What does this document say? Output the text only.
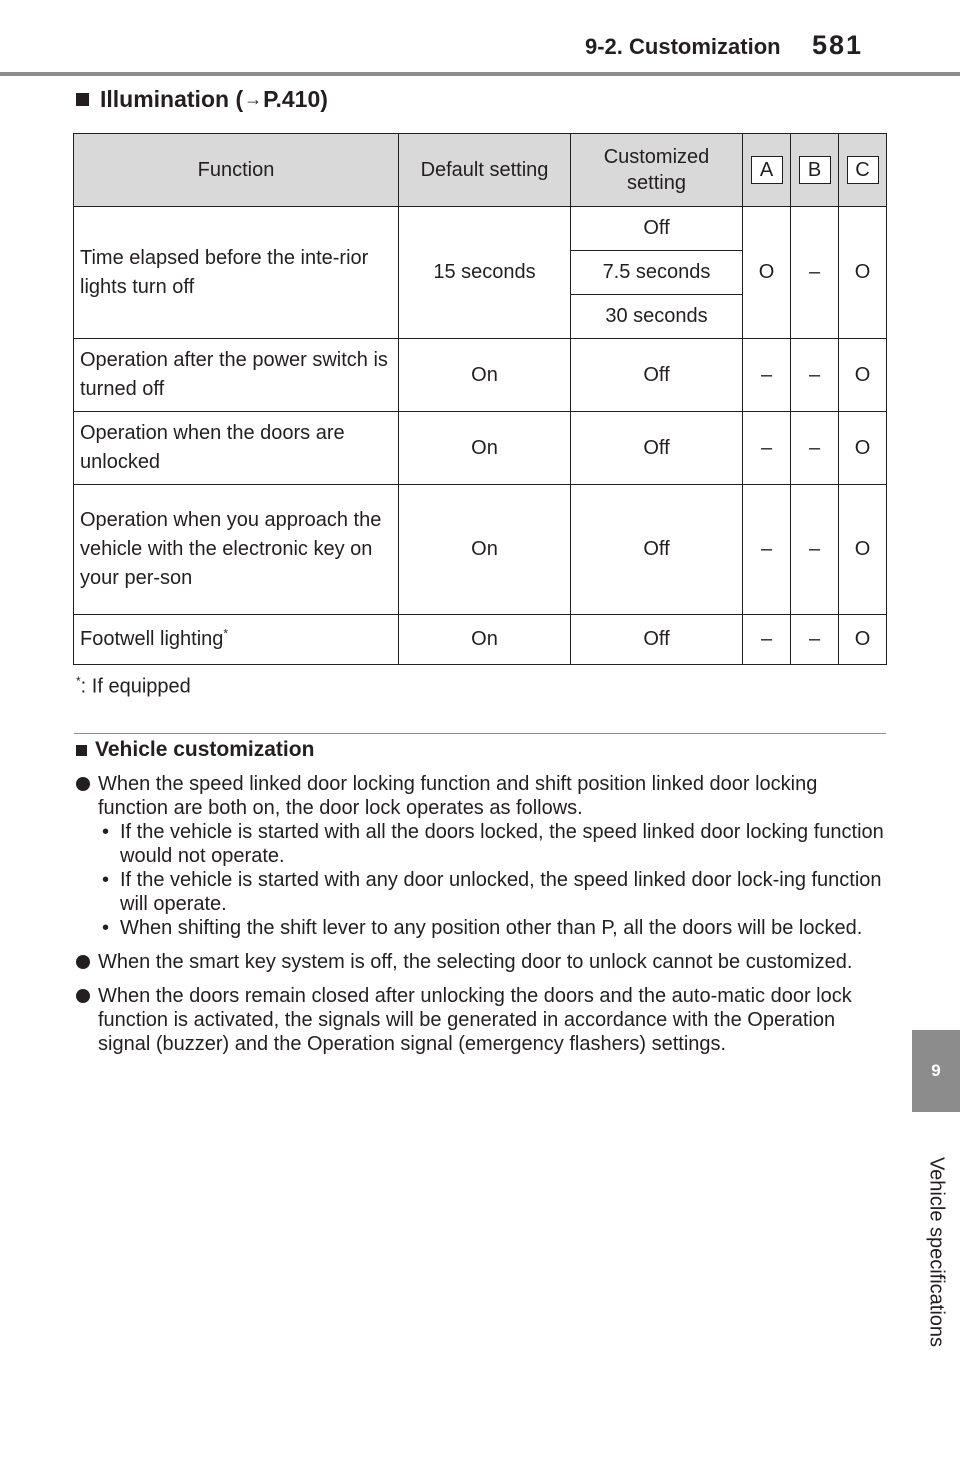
9-2. Customization 581
9
Vehicle specifications
Illumination ( → P.410)
Function	Default setting	Customized setting	A	B	C
Time elapsed before the inte-rior lights turn off	15 seconds	Off	O	–	O
		7.5 seconds			
		30 seconds			
Operation after the power switch is turned off	On	Off	–	–	O
Operation when the doors are unlocked	On	Off	–	–	O
Operation when you approach the vehicle with the electronic key on your per-son	On	Off	–	–	O
Footwell lighting*	On	Off	–	–	O
*: If equipped
Vehicle customization
When the speed linked door locking function and shift position linked door locking function are both on, the door lock operates as follows.
• If the vehicle is started with all the doors locked, the speed linked door locking function would not operate.
• If the vehicle is started with any door unlocked, the speed linked door lock-ing function will operate.
• When shifting the shift lever to any position other than P, all the doors will be locked.
When the smart key system is off, the selecting door to unlock cannot be customized.
When the doors remain closed after unlocking the doors and the auto-matic door lock function is activated, the signals will be generated in accordance with the Operation signal (buzzer) and the Operation signal (emergency flashers) settings.
